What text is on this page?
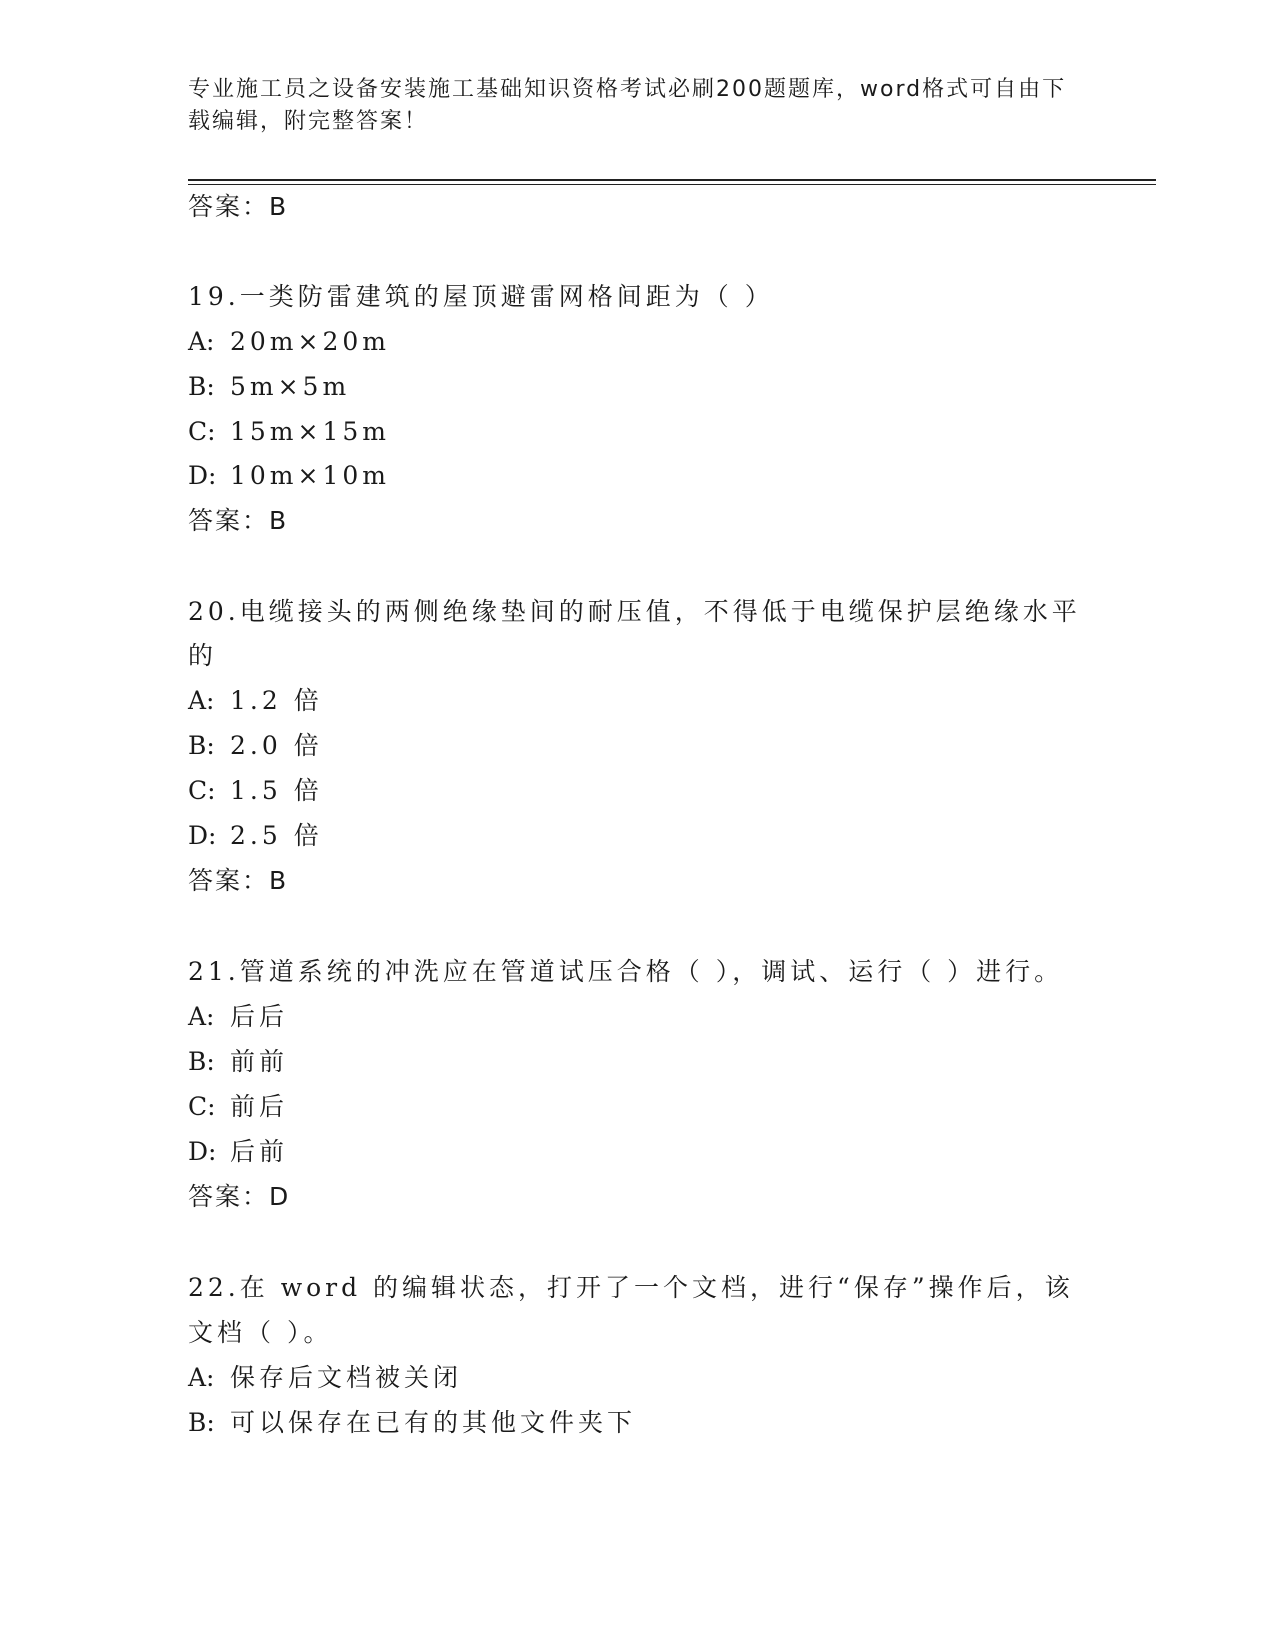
专业施工员之设备安装施工基础知识资格考试必刷200题题库，word格式可自由下载编辑，附完整答案！
答案：B
19.一类防雷建筑的屋顶避雷网格间距为（ ）
A: 20m×20m
B: 5m×5m
C: 15m×15m
D: 10m×10m
答案：B
20.电缆接头的两侧绝缘垫间的耐压值，不得低于电缆保护层绝缘水平
的
A: 1.2 倍
B: 2.0 倍
C: 1.5 倍
D: 2.5 倍
答案：B
21.管道系统的冲洗应在管道试压合格（ ），调试、运行（ ）进行。
A: 后后
B: 前前
C: 前后
D: 后前
答案：D
22.在 word 的编辑状态，打开了一个文档，进行“保存”操作后，该
文档（ ）。
A: 保存后文档被关闭
B: 可以保存在已有的其他文件夹下
